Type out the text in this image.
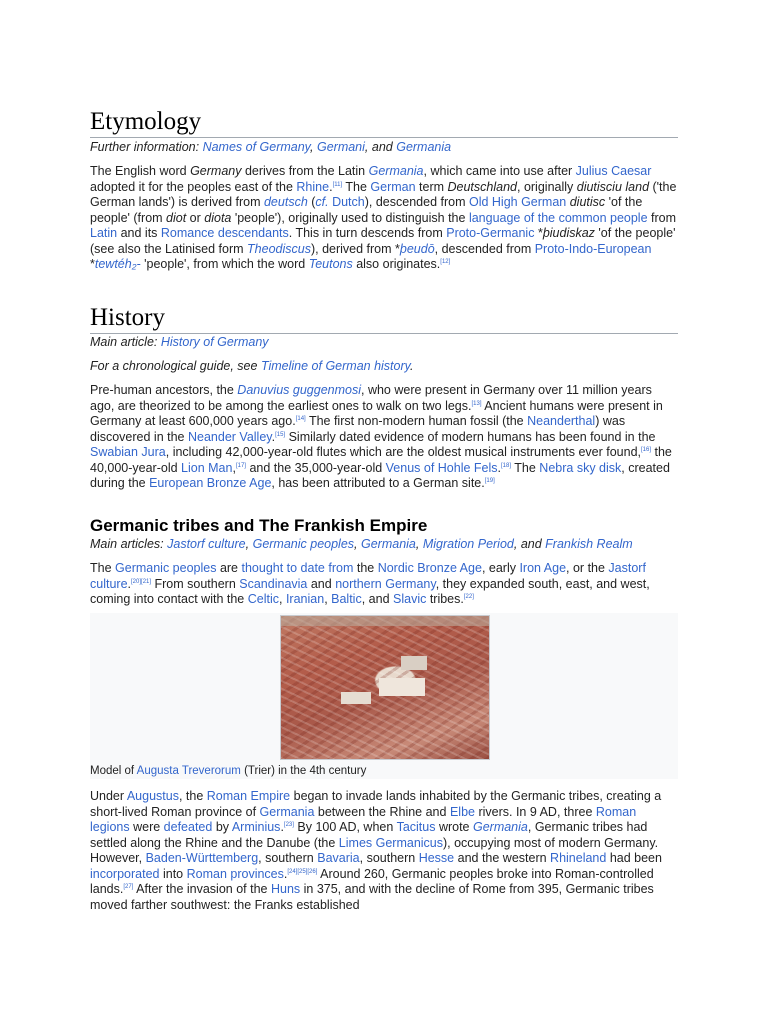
Etymology
Further information: Names of Germany, Germani, and Germania

The English word Germany derives from the Latin Germania, which came into use after Julius Caesar adopted it for the peoples east of the Rhine.[11] The German term Deutschland, originally diutisciu land ('the German lands') is derived from deutsch (cf. Dutch), descended from Old High German diutisc 'of the people' (from diot or diota 'people'), originally used to distinguish the language of the common people from Latin and its Romance descendants. This in turn descends from Proto-Germanic *þiudiskaz 'of the people' (see also the Latinised form Theodiscus), derived from *þeudō, descended from Proto-Indo-European *tewtéh₂- 'people', from which the word Teutons also originates.[12]

History
Main article: History of Germany
For a chronological guide, see Timeline of German history.

Pre-human ancestors, the Danuvius guggenmosi, who were present in Germany over 11 million years ago, are theorized to be among the earliest ones to walk on two legs.[13] Ancient humans were present in Germany at least 600,000 years ago.[14] The first non-modern human fossil (the Neanderthal) was discovered in the Neander Valley.[15] Similarly dated evidence of modern humans has been found in the Swabian Jura, including 42,000-year-old flutes which are the oldest musical instruments ever found,[16] the 40,000-year-old Lion Man,[17] and the 35,000-year-old Venus of Hohle Fels.[18] The Nebra sky disk, created during the European Bronze Age, has been attributed to a German site.[19]

Germanic tribes and The Frankish Empire
Main articles: Jastorf culture, Germanic peoples, Germania, Migration Period, and Frankish Realm

The Germanic peoples are thought to date from the Nordic Bronze Age, early Iron Age, or the Jastorf culture.[20][21] From southern Scandinavia and northern Germany, they expanded south, east, and west, coming into contact with the Celtic, Iranian, Baltic, and Slavic tribes.[22]

Model of Augusta Treverorum (Trier) in the 4th century

Under Augustus, the Roman Empire began to invade lands inhabited by the Germanic tribes, creating a short-lived Roman province of Germania between the Rhine and Elbe rivers. In 9 AD, three Roman legions were defeated by Arminius.[23] By 100 AD, when Tacitus wrote Germania, Germanic tribes had settled along the Rhine and the Danube (the Limes Germanicus), occupying most of modern Germany. However, Baden-Württemberg, southern Bavaria, southern Hesse and the western Rhineland had been incorporated into Roman provinces.[24][25][26] Around 260, Germanic peoples broke into Roman-controlled lands.[27] After the invasion of the Huns in 375, and with the decline of Rome from 395, Germanic tribes moved farther southwest: the Franks established
